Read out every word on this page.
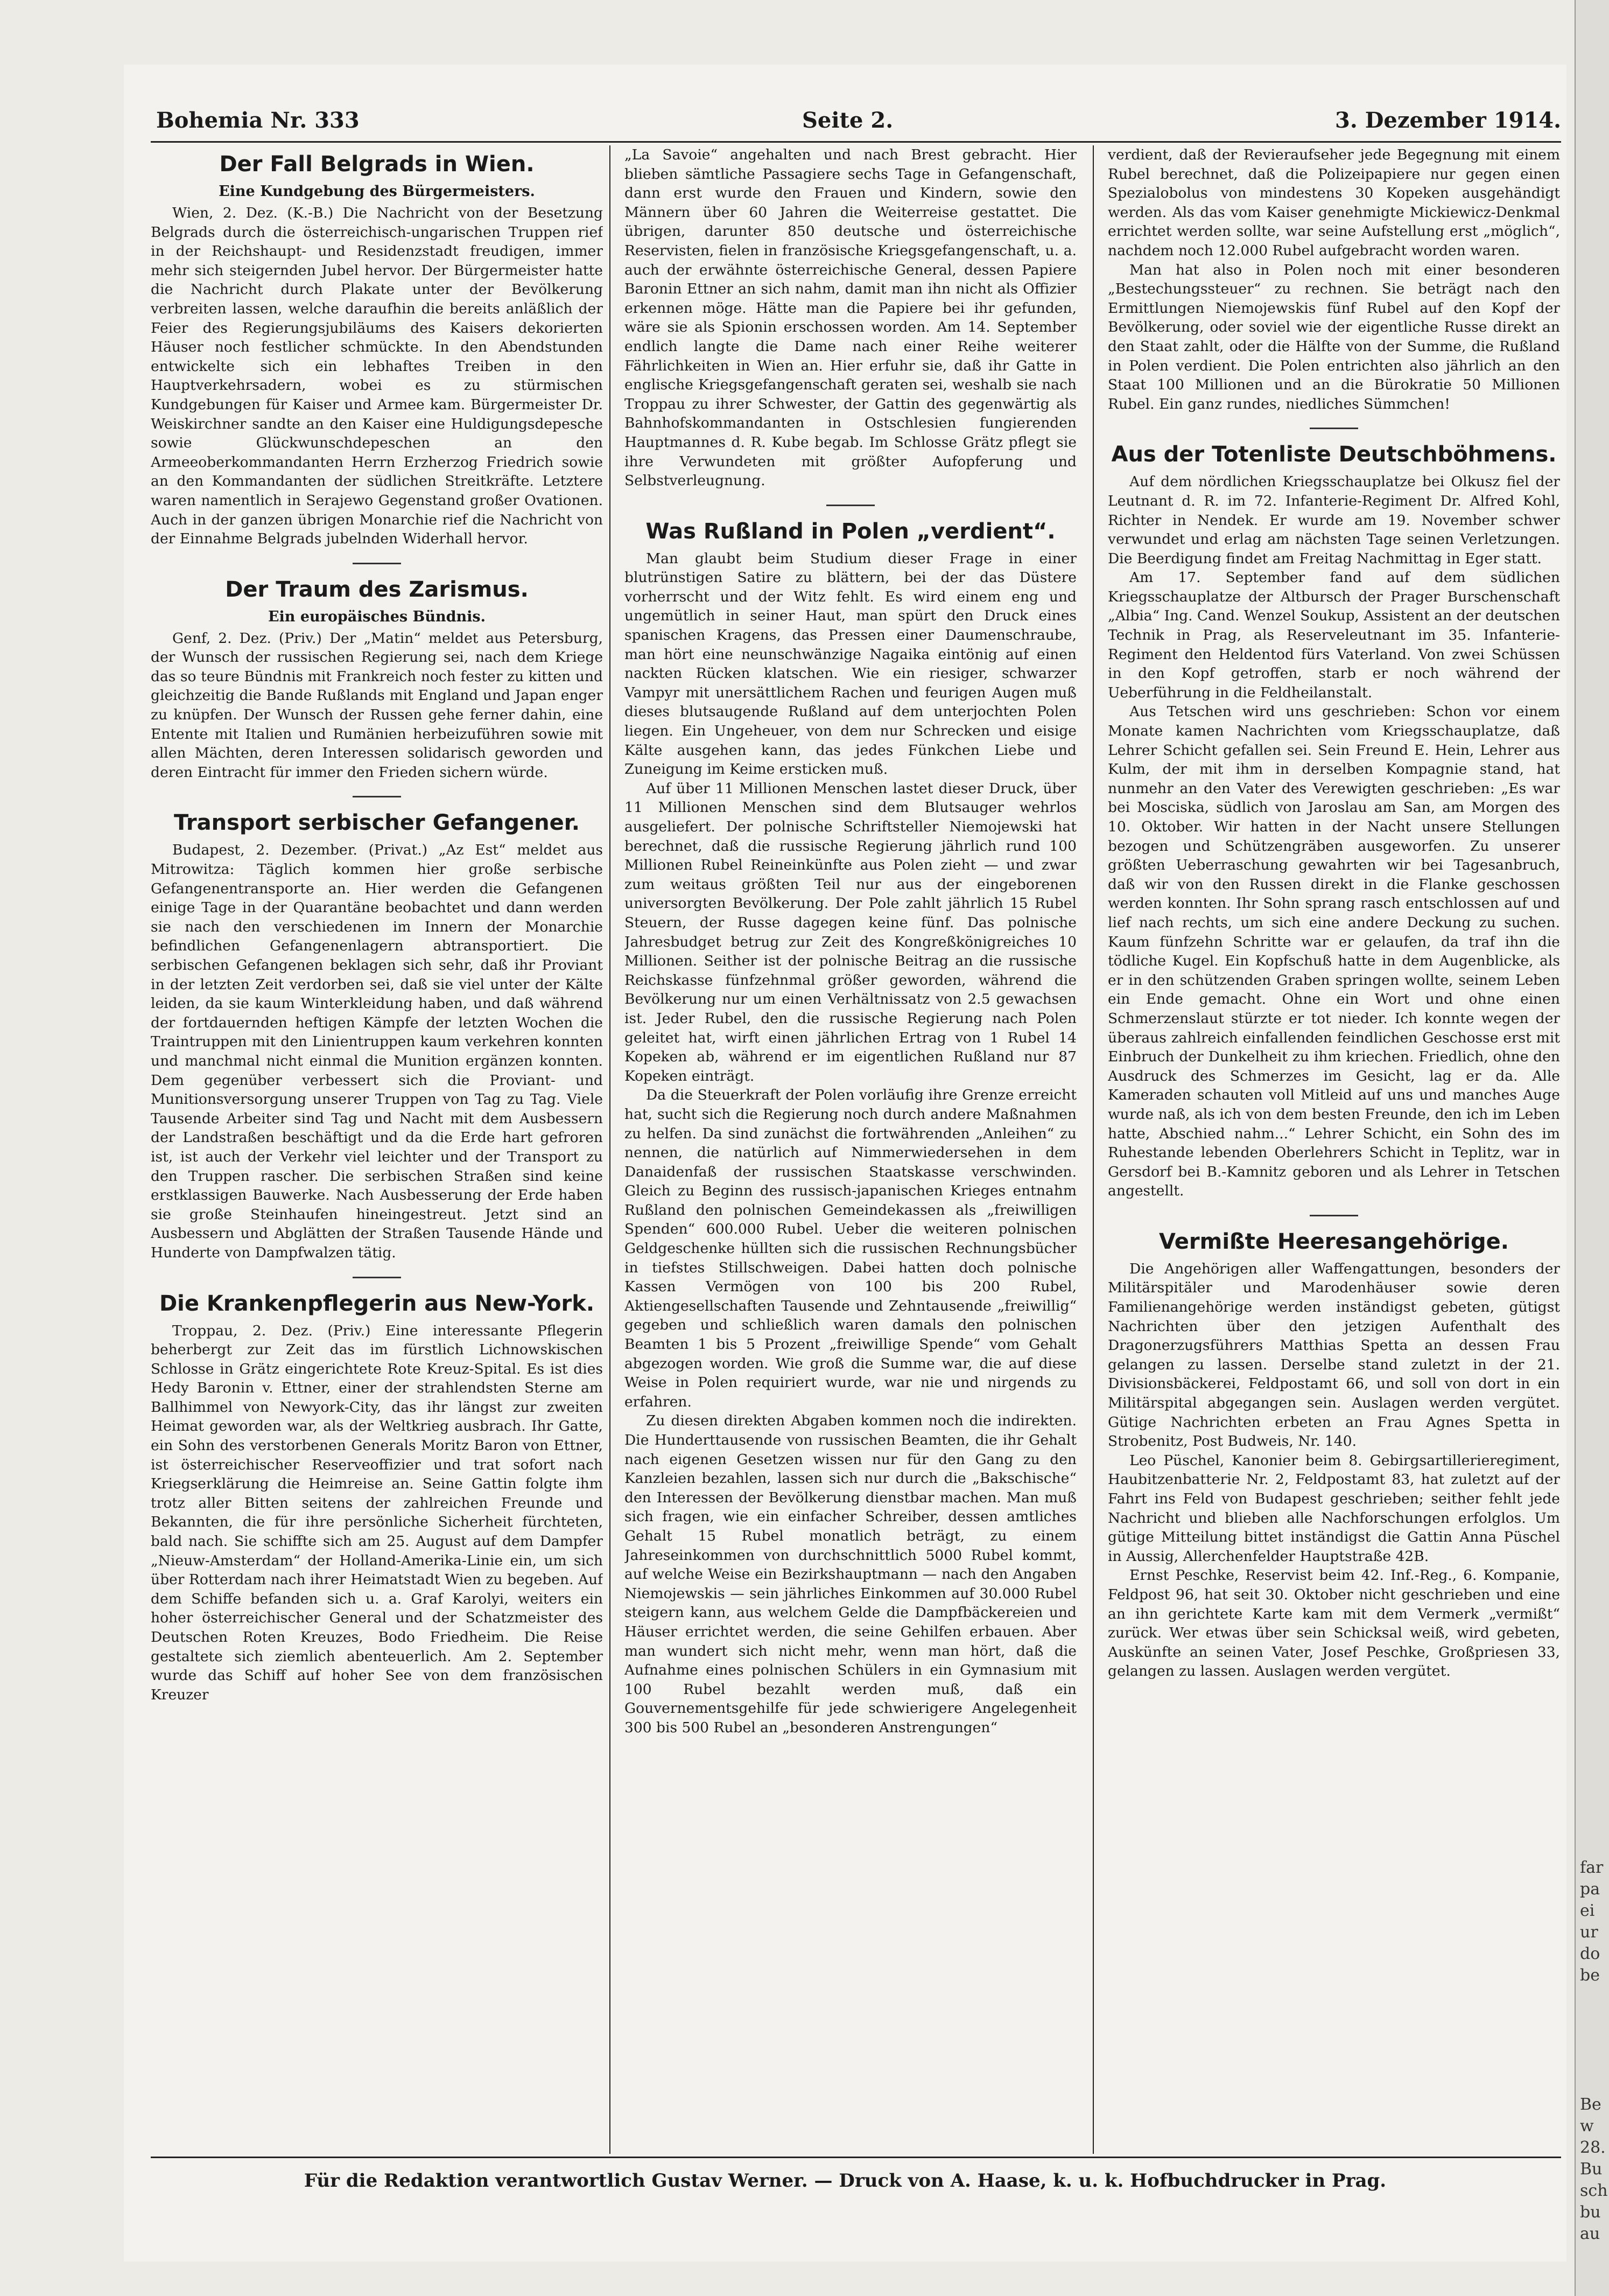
far
pa
ei
ur
do
be
Be
w
28.
Bu
sch
bu
au
Bohemia Nr. 333	Seite 2.	3. Dezember 1914.
Der Fall Belgrads in Wien.
Eine Kundgebung des Bürgermeisters.

Wien, 2. Dez. (K.-B.) Die Nachricht von der Besetzung Belgrads durch die österreichisch-ungarischen Truppen rief in der Reichshaupt- und Residenzstadt freudigen, immer mehr sich steigernden Jubel hervor. Der Bürgermeister hatte die Nachricht durch Plakate unter der Bevölkerung verbreiten lassen, welche daraufhin die bereits anläßlich der Feier des Regierungsjubiläums des Kaisers dekorierten Häuser noch festlicher schmückte. In den Abendstunden entwickelte sich ein lebhaftes Treiben in den Hauptverkehrsadern, wobei es zu stürmischen Kundgebungen für Kaiser und Armee kam. Bürgermeister Dr. Weiskirchner sandte an den Kaiser eine Huldigungsdepesche sowie Glückwunschdepeschen an den Armeeoberkommandanten Herrn Erzherzog Friedrich sowie an den Kommandanten der südlichen Streitkräfte. Letztere waren namentlich in Serajewo Gegenstand großer Ovationen. Auch in der ganzen übrigen Monarchie rief die Nachricht von der Einnahme Belgrads jubelnden Widerhall hervor.

Der Traum des Zarismus.
Ein europäisches Bündnis.

Genf, 2. Dez. (Priv.) Der „Matin“ meldet aus Petersburg, der Wunsch der russischen Regierung sei, nach dem Kriege das so teure Bündnis mit Frankreich noch fester zu kitten und gleichzeitig die Bande Rußlands mit England und Japan enger zu knüpfen. Der Wunsch der Russen gehe ferner dahin, eine Entente mit Italien und Rumänien herbeizuführen sowie mit allen Mächten, deren Interessen solidarisch geworden und deren Eintracht für immer den Frieden sichern würde.

Transport serbischer Gefangener.

Budapest, 2. Dezember. (Privat.) „Az Est“ meldet aus Mitrowitza: Täglich kommen hier große serbische Gefangenentransporte an. Hier werden die Gefangenen einige Tage in der Quarantäne beobachtet und dann werden sie nach den verschiedenen im Innern der Monarchie befindlichen Gefangenenlagern abtransportiert. Die serbischen Gefangenen beklagen sich sehr, daß ihr Proviant in der letzten Zeit verdorben sei, daß sie viel unter der Kälte leiden, da sie kaum Winterkleidung haben, und daß während der fortdauernden heftigen Kämpfe der letzten Wochen die Traintruppen mit den Linientruppen kaum verkehren konnten und manchmal nicht einmal die Munition ergänzen konnten. Dem gegenüber verbessert sich die Proviant- und Munitionsversorgung unserer Truppen von Tag zu Tag. Viele Tausende Arbeiter sind Tag und Nacht mit dem Ausbessern der Landstraßen beschäftigt und da die Erde hart gefroren ist, ist auch der Verkehr viel leichter und der Transport zu den Truppen rascher. Die serbischen Straßen sind keine erstklassigen Bauwerke. Nach Ausbesserung der Erde haben sie große Steinhaufen hineingestreut. Jetzt sind an Ausbessern und Abglätten der Straßen Tausende Hände und Hunderte von Dampfwalzen tätig.

Die Krankenpflegerin aus New-York.

Troppau, 2. Dez. (Priv.) Eine interessante Pflegerin beherbergt zur Zeit das im fürstlich Lichnowskischen Schlosse in Grätz eingerichtete Rote Kreuz-Spital. Es ist dies Hedy Baronin v. Ettner, einer der strahlendsten Sterne am Ballhimmel von Newyork-City, das ihr längst zur zweiten Heimat geworden war, als der Weltkrieg ausbrach. Ihr Gatte, ein Sohn des verstorbenen Generals Moritz Baron von Ettner, ist österreichischer Reserveoffizier und trat sofort nach Kriegserklärung die Heimreise an. Seine Gattin folgte ihm trotz aller Bitten seitens der zahlreichen Freunde und Bekannten, die für ihre persönliche Sicherheit fürchteten, bald nach. Sie schiffte sich am 25. August auf dem Dampfer „Nieuw-Amsterdam“ der Holland-Amerika-Linie ein, um sich über Rotterdam nach ihrer Heimatstadt Wien zu begeben. Auf dem Schiffe befanden sich u. a. Graf Karolyi, weiters ein hoher österreichischer General und der Schatzmeister des Deutschen Roten Kreuzes, Bodo Friedheim. Die Reise gestaltete sich ziemlich abenteuerlich. Am 2. September wurde das Schiff auf hoher See von dem französischen Kreuzer

„La Savoie“ angehalten und nach Brest gebracht. Hier blieben sämtliche Passagiere sechs Tage in Gefangenschaft, dann erst wurde den Frauen und Kindern, sowie den Männern über 60 Jahren die Weiterreise gestattet. Die übrigen, darunter 850 deutsche und österreichische Reservisten, fielen in französische Kriegsgefangenschaft, u. a. auch der erwähnte österreichische General, dessen Papiere Baronin Ettner an sich nahm, damit man ihn nicht als Offizier erkennen möge. Hätte man die Papiere bei ihr gefunden, wäre sie als Spionin erschossen worden. Am 14. September endlich langte die Dame nach einer Reihe weiterer Fährlichkeiten in Wien an. Hier erfuhr sie, daß ihr Gatte in englische Kriegsgefangenschaft geraten sei, weshalb sie nach Troppau zu ihrer Schwester, der Gattin des gegenwärtig als Bahnhofskommandanten in Ostschlesien fungierenden Hauptmannes d. R. Kube begab. Im Schlosse Grätz pflegt sie ihre Verwundeten mit größter Aufopferung und Selbstverleugnung.

Was Rußland in Polen „verdient“.

Man glaubt beim Studium dieser Frage in einer blutrünstigen Satire zu blättern, bei der das Düstere vorherrscht und der Witz fehlt. Es wird einem eng und ungemütlich in seiner Haut, man spürt den Druck eines spanischen Kragens, das Pressen einer Daumenschraube, man hört eine neunschwänzige Nagaika eintönig auf einen nackten Rücken klatschen. Wie ein riesiger, schwarzer Vampyr mit unersättlichem Rachen und feurigen Augen muß dieses blutsaugende Rußland auf dem unterjochten Polen liegen. Ein Ungeheuer, von dem nur Schrecken und eisige Kälte ausgehen kann, das jedes Fünkchen Liebe und Zuneigung im Keime ersticken muß.

Auf über 11 Millionen Menschen lastet dieser Druck, über 11 Millionen Menschen sind dem Blutsauger wehrlos ausgeliefert. Der polnische Schriftsteller Niemojewski hat berechnet, daß die russische Regierung jährlich rund 100 Millionen Rubel Reineinkünfte aus Polen zieht — und zwar zum weitaus größten Teil nur aus der eingeborenen universorgten Bevölkerung. Der Pole zahlt jährlich 15 Rubel Steuern, der Russe dagegen keine fünf. Das polnische Jahresbudget betrug zur Zeit des Kongreßkönigreiches 10 Millionen. Seither ist der polnische Beitrag an die russische Reichskasse fünfzehnmal größer geworden, während die Bevölkerung nur um einen Verhältnissatz von 2.5 gewachsen ist. Jeder Rubel, den die russische Regierung nach Polen geleitet hat, wirft einen jährlichen Ertrag von 1 Rubel 14 Kopeken ab, während er im eigentlichen Rußland nur 87 Kopeken einträgt.

Da die Steuerkraft der Polen vorläufig ihre Grenze erreicht hat, sucht sich die Regierung noch durch andere Maßnahmen zu helfen. Da sind zunächst die fortwährenden „Anleihen“ zu nennen, die natürlich auf Nimmerwiedersehen in dem Danaidenfaß der russischen Staatskasse verschwinden. Gleich zu Beginn des russisch-japanischen Krieges entnahm Rußland den polnischen Gemeindekassen als „freiwilligen Spenden“ 600.000 Rubel. Ueber die weiteren polnischen Geldgeschenke hüllten sich die russischen Rechnungsbücher in tiefstes Stillschweigen. Dabei hatten doch polnische Kassen Vermögen von 100 bis 200 Rubel, Aktiengesellschaften Tausende und Zehntausende „freiwillig“ gegeben und schließlich waren damals den polnischen Beamten 1 bis 5 Prozent „freiwillige Spende“ vom Gehalt abgezogen worden. Wie groß die Summe war, die auf diese Weise in Polen requiriert wurde, war nie und nirgends zu erfahren.

Zu diesen direkten Abgaben kommen noch die indirekten. Die Hunderttausende von russischen Beamten, die ihr Gehalt nach eigenen Gesetzen wissen nur für den Gang zu den Kanzleien bezahlen, lassen sich nur durch die „Bakschische“ den Interessen der Bevölkerung dienstbar machen. Man muß sich fragen, wie ein einfacher Schreiber, dessen amtliches Gehalt 15 Rubel monatlich beträgt, zu einem Jahreseinkommen von durchschnittlich 5000 Rubel kommt, auf welche Weise ein Bezirkshauptmann — nach den Angaben Niemojewskis — sein jährliches Einkommen auf 30.000 Rubel steigern kann, aus welchem Gelde die Dampfbäckereien und Häuser errichtet werden, die seine Gehilfen erbauen. Aber man wundert sich nicht mehr, wenn man hört, daß die Aufnahme eines polnischen Schülers in ein Gymnasium mit 100 Rubel bezahlt werden muß, daß ein Gouvernementsgehilfe für jede schwierigere Angelegenheit 300 bis 500 Rubel an „besonderen Anstrengungen“

verdient, daß der Revieraufseher jede Begegnung mit einem Rubel berechnet, daß die Polizeipapiere nur gegen einen Spezialobolus von mindestens 30 Kopeken ausgehändigt werden. Als das vom Kaiser genehmigte Mickiewicz-Denkmal errichtet werden sollte, war seine Aufstellung erst „möglich“, nachdem noch 12.000 Rubel aufgebracht worden waren.

Man hat also in Polen noch mit einer besonderen „Bestechungssteuer“ zu rechnen. Sie beträgt nach den Ermittlungen Niemojewskis fünf Rubel auf den Kopf der Bevölkerung, oder soviel wie der eigentliche Russe direkt an den Staat zahlt, oder die Hälfte von der Summe, die Rußland in Polen verdient. Die Polen entrichten also jährlich an den Staat 100 Millionen und an die Bürokratie 50 Millionen Rubel. Ein ganz rundes, niedliches Sümmchen!

Aus der Totenliste Deutschböhmens.

Auf dem nördlichen Kriegsschauplatze bei Olkusz fiel der Leutnant d. R. im 72. Infanterie-Regiment Dr. Alfred Kohl, Richter in Nendek. Er wurde am 19. November schwer verwundet und erlag am nächsten Tage seinen Verletzungen. Die Beerdigung findet am Freitag Nachmittag in Eger statt.

Am 17. September fand auf dem südlichen Kriegsschauplatze der Altbursch der Prager Burschenschaft „Albia“ Ing. Cand. Wenzel Soukup, Assistent an der deutschen Technik in Prag, als Reserveleutnant im 35. Infanterie-Regiment den Heldentod fürs Vaterland. Von zwei Schüssen in den Kopf getroffen, starb er noch während der Ueberführung in die Feldheilanstalt.

Aus Tetschen wird uns geschrieben: Schon vor einem Monate kamen Nachrichten vom Kriegsschauplatze, daß Lehrer Schicht gefallen sei. Sein Freund E. Hein, Lehrer aus Kulm, der mit ihm in derselben Kompagnie stand, hat nunmehr an den Vater des Verewigten geschrieben: „Es war bei Mosciska, südlich von Jaroslau am San, am Morgen des 10. Oktober. Wir hatten in der Nacht unsere Stellungen bezogen und Schützengräben ausgeworfen. Zu unserer größten Ueberraschung gewahrten wir bei Tagesanbruch, daß wir von den Russen direkt in die Flanke geschossen werden konnten. Ihr Sohn sprang rasch entschlossen auf und lief nach rechts, um sich eine andere Deckung zu suchen. Kaum fünfzehn Schritte war er gelaufen, da traf ihn die tödliche Kugel. Ein Kopfschuß hatte in dem Augenblicke, als er in den schützenden Graben springen wollte, seinem Leben ein Ende gemacht. Ohne ein Wort und ohne einen Schmerzenslaut stürzte er tot nieder. Ich konnte wegen der überaus zahlreich einfallenden feindlichen Geschosse erst mit Einbruch der Dunkelheit zu ihm kriechen. Friedlich, ohne den Ausdruck des Schmerzes im Gesicht, lag er da. Alle Kameraden schauten voll Mitleid auf uns und manches Auge wurde naß, als ich von dem besten Freunde, den ich im Leben hatte, Abschied nahm...“ Lehrer Schicht, ein Sohn des im Ruhestande lebenden Oberlehrers Schicht in Teplitz, war in Gersdorf bei B.-Kamnitz geboren und als Lehrer in Tetschen angestellt.

Vermißte Heeresangehörige.

Die Angehörigen aller Waffengattungen, besonders der Militärspitäler und Marodenhäuser sowie deren Familienangehörige werden inständigst gebeten, gütigst Nachrichten über den jetzigen Aufenthalt des Dragonerzugsführers Matthias Spetta an dessen Frau gelangen zu lassen. Derselbe stand zuletzt in der 21. Divisionsbäckerei, Feldpostamt 66, und soll von dort in ein Militärspital abgegangen sein. Auslagen werden vergütet. Gütige Nachrichten erbeten an Frau Agnes Spetta in Strobenitz, Post Budweis, Nr. 140.

Leo Püschel, Kanonier beim 8. Gebirgsartillerieregiment, Haubitzenbatterie Nr. 2, Feldpostamt 83, hat zuletzt auf der Fahrt ins Feld von Budapest geschrieben; seither fehlt jede Nachricht und blieben alle Nachforschungen erfolglos. Um gütige Mitteilung bittet inständigst die Gattin Anna Püschel in Aussig, Allerchenfelder Hauptstraße 42B.

Ernst Peschke, Reservist beim 42. Inf.-Reg., 6. Kompanie, Feldpost 96, hat seit 30. Oktober nicht geschrieben und eine an ihn gerichtete Karte kam mit dem Vermerk „vermißt“ zurück. Wer etwas über sein Schicksal weiß, wird gebeten, Auskünfte an seinen Vater, Josef Peschke, Großpriesen 33, gelangen zu lassen. Auslagen werden vergütet.

Für die Redaktion verantwortlich Gustav Werner. — Druck von A. Haase, k. u. k. Hofbuchdrucker in Prag.
